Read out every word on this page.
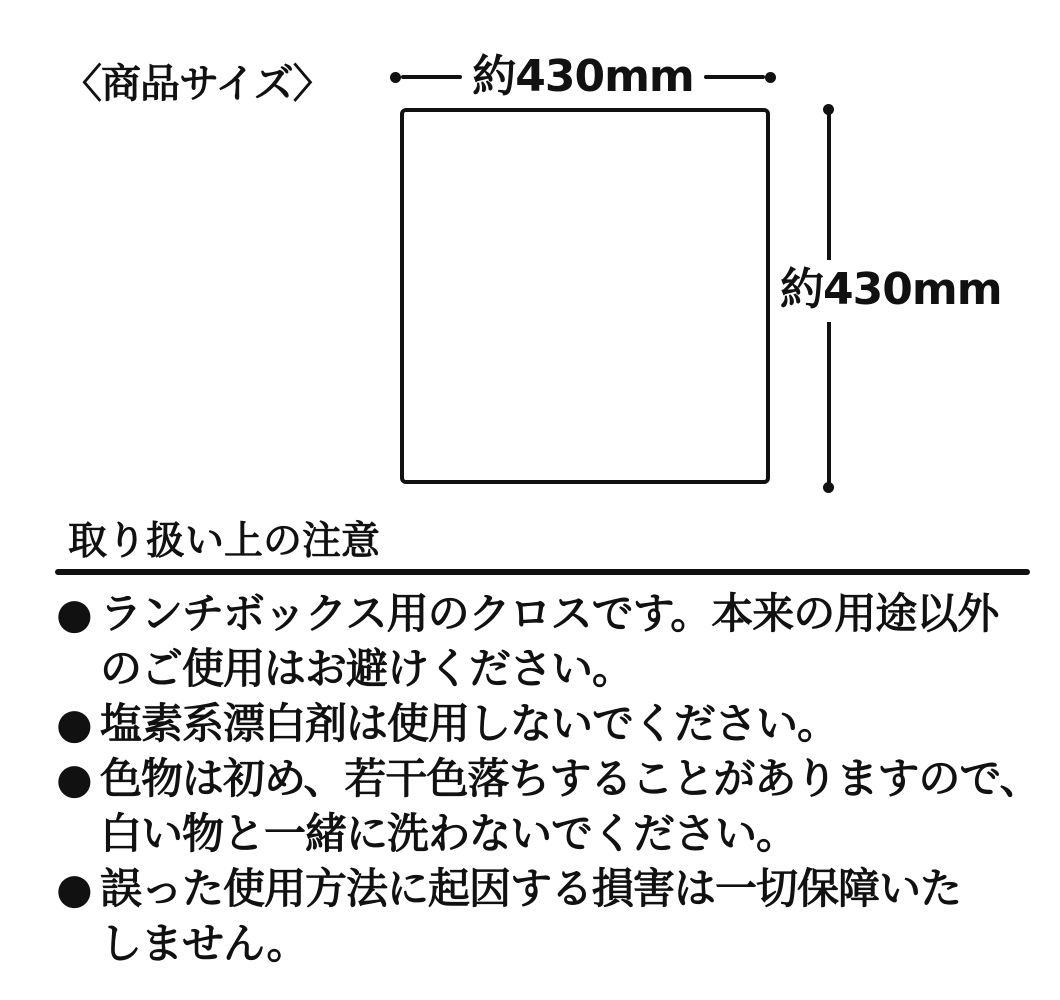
〈商品サイズ〉	約430mm
約430mm
取り扱い上の注意
● ランチボックス用のクロスです。本来の用途以外
のご使用はお避けください。
● 塩素系漂白剤は使用しないでください。
● 色物は初め、若干色落ちすることがありますので、
白い物と一緒に洗わないでください。
● 誤った使用方法に起因する損害は一切保障いた
しません。
